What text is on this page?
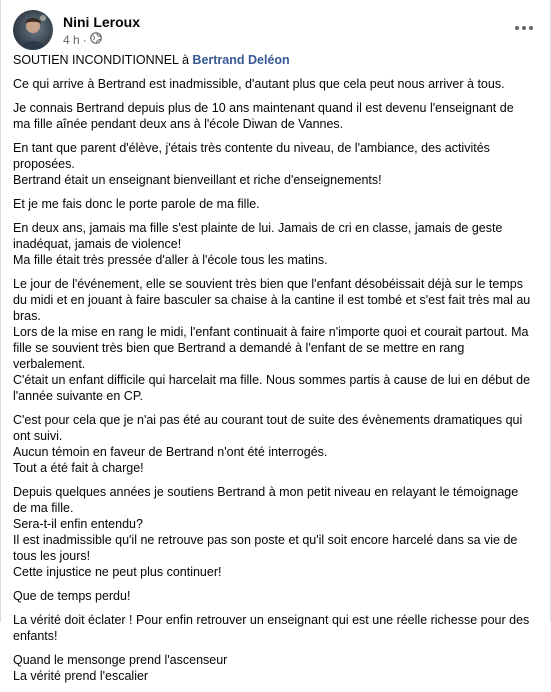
Nini Leroux
4 h ·

SOUTIEN INCONDITIONNEL à Bertrand Deléon

Ce qui arrive à Bertrand est inadmissible, d'autant plus que cela peut nous arriver à tous.

Je connais Bertrand depuis plus de 10 ans maintenant quand il est devenu l'enseignant de ma fille aînée pendant deux ans à l'école Diwan de Vannes.

En tant que parent d'élève, j'étais très contente du niveau, de l'ambiance, des activités proposées.
Bertrand était un enseignant bienveillant et riche d'enseignements!

Et je me fais donc le porte parole de ma fille.

En deux ans, jamais ma fille s'est plainte de lui. Jamais de cri en classe, jamais de geste inadéquat, jamais de violence!
Ma fille était très pressée d'aller à l'école tous les matins.

Le jour de l'événement, elle se souvient très bien que l'enfant désobéissait déjà sur le temps du midi et en jouant à faire basculer sa chaise à la cantine il est tombé et s'est fait très mal au bras.
Lors de la mise en rang le midi, l'enfant continuait à faire n'importe quoi et courait partout. Ma fille se souvient très bien que Bertrand a demandé à l'enfant de se mettre en rang verbalement.
C'était un enfant difficile qui harcelait ma fille. Nous sommes partis à cause de lui en début de l'année suivante en CP.

C'est pour cela que je n'ai pas été au courant tout de suite des évènements dramatiques qui ont suivi.
Aucun témoin en faveur de Bertrand n'ont été interrogés.
Tout a été fait à charge!

Depuis quelques années je soutiens Bertrand à mon petit niveau en relayant le témoignage de ma fille.
Sera-t-il enfin entendu?
Il est inadmissible qu'il ne retrouve pas son poste et qu'il soit encore harcelé dans sa vie de tous les jours!
Cette injustice ne peut plus continuer!

Que de temps perdu!

La vérité doit éclater ! Pour enfin retrouver un enseignant qui est une réelle richesse pour des enfants!

Quand le mensonge prend l'ascenseur
La vérité prend l'escalier
